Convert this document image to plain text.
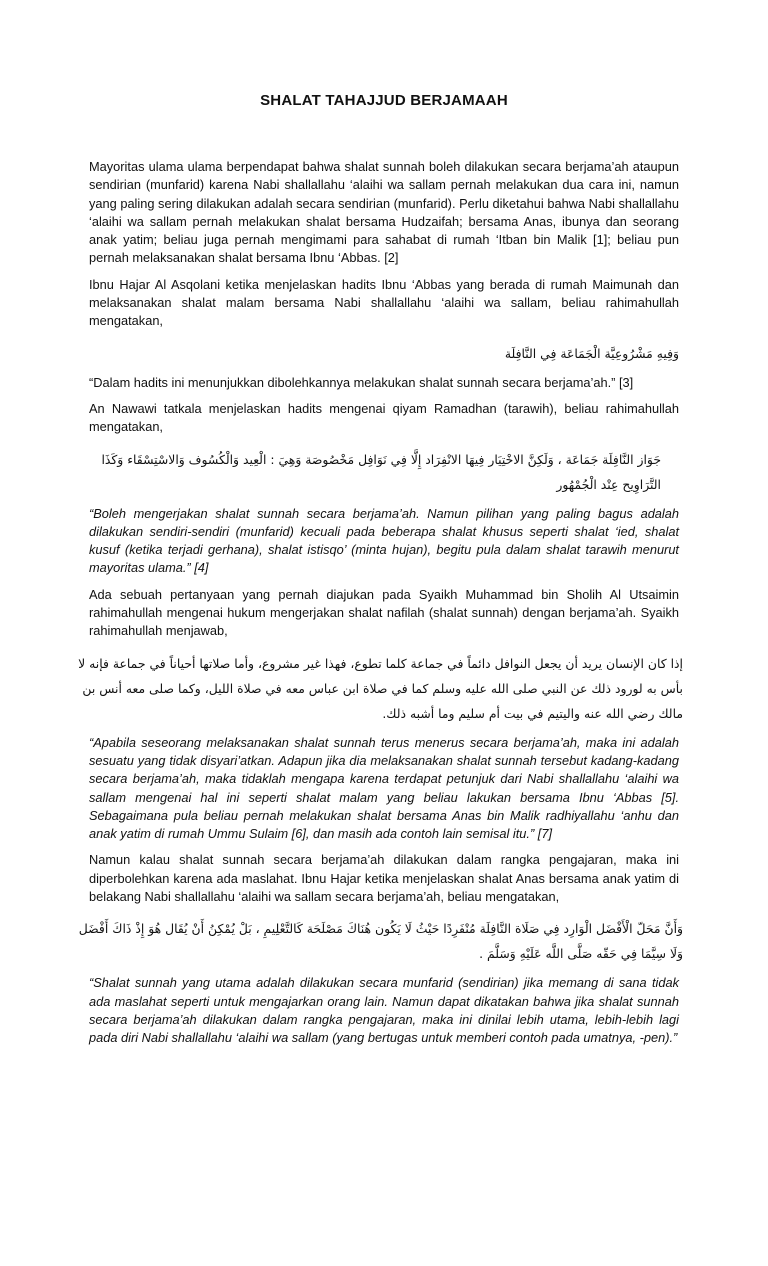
SHALAT TAHAJJUD BERJAMAAH

Mayoritas ulama ulama berpendapat bahwa shalat sunnah boleh dilakukan secara berjama’ah ataupun sendirian (munfarid) karena Nabi shallallahu ‘alaihi wa sallam pernah melakukan dua cara ini, namun yang paling sering dilakukan adalah secara sendirian (munfarid). Perlu diketahui bahwa Nabi shallallahu ‘alaihi wa sallam pernah melakukan shalat bersama Hudzaifah; bersama Anas, ibunya dan seorang anak yatim; beliau juga pernah mengimami para sahabat di rumah ‘Itban bin Malik [1]; beliau pun pernah melaksanakan shalat bersama Ibnu ‘Abbas. [2]

Ibnu Hajar Al Asqolani ketika menjelaskan hadits Ibnu ‘Abbas yang berada di rumah Maimunah dan melaksanakan shalat malam bersama Nabi shallallahu ‘alaihi wa sallam, beliau rahimahullah mengatakan,

وَفِيهِ مَشْرُوعِيَّة الْجَمَاعَة فِي النَّافِلَة

“Dalam hadits ini menunjukkan dibolehkannya melakukan shalat sunnah secara berjama’ah.” [3]

An Nawawi tatkala menjelaskan hadits mengenai qiyam Ramadhan (tarawih), beliau rahimahullah mengatakan,

جَوَاز النَّافِلَة جَمَاعَة ، وَلَكِنَّ الاخْتِيَار فِيهَا الانْفِرَاد إِلَّا فِي نَوَافِل مَخْصُوصَة وَهِيَ : الْعِيد وَالْكُسُوف وَالاسْتِسْقَاء وَكَذَا التَّرَاوِيح عِنْد الْجُمْهُور

“Boleh mengerjakan shalat sunnah secara berjama’ah. Namun pilihan yang paling bagus adalah dilakukan sendiri-sendiri (munfarid) kecuali pada beberapa shalat khusus seperti shalat ‘ied, shalat kusuf (ketika terjadi gerhana), shalat istisqo’ (minta hujan), begitu pula dalam shalat tarawih menurut mayoritas ulama.” [4]

Ada sebuah pertanyaan yang pernah diajukan pada Syaikh Muhammad bin Sholih Al Utsaimin rahimahullah mengenai hukum mengerjakan shalat nafilah (shalat sunnah) dengan berjama’ah. Syaikh rahimahullah menjawab,

إذا كان الإنسان يريد أن يجعل النوافل دائماً في جماعة كلما تطوع، فهذا غير مشروع، وأما صلاتها أحياناً في جماعة فإنه لا بأس به لورود ذلك عن النبي صلى الله عليه وسلم كما في صلاة ابن عباس معه في صلاة الليل، وكما صلى معه أنس بن مالك رضي الله عنه واليتيم في بيت أم سليم وما أشبه ذلك.

“Apabila seseorang melaksanakan shalat sunnah terus menerus secara berjama’ah, maka ini adalah sesuatu yang tidak disyari’atkan. Adapun jika dia melaksanakan shalat sunnah tersebut kadang-kadang secara berjama’ah, maka tidaklah mengapa karena terdapat petunjuk dari Nabi shallallahu ‘alaihi wa sallam mengenai hal ini seperti shalat malam yang beliau lakukan bersama Ibnu ‘Abbas [5]. Sebagaimana pula beliau pernah melakukan shalat bersama Anas bin Malik radhiyallahu ‘anhu dan anak yatim di rumah Ummu Sulaim [6], dan masih ada contoh lain semisal itu.” [7]

Namun kalau shalat sunnah secara berjama’ah dilakukan dalam rangka pengajaran, maka ini diperbolehkan karena ada maslahat. Ibnu Hajar ketika menjelaskan shalat Anas bersama anak yatim di belakang Nabi shallallahu ‘alaihi wa sallam secara berjama’ah, beliau mengatakan,

وَأَنَّ مَحَلّ الْأَفْضَل الْوَارِد فِي صَلَاة النَّافِلَة مُنْفَرِدًا حَيْثُ لَا يَكُون هُنَاكَ مَصْلَحَة كَالتَّعْلِيمِ ، بَلْ يُمْكِنُ أَنْ يُقَال هُوَ إِذْ ذَاكَ أَفْضَل وَلَا سِيَّمَا فِي حَقّه صَلَّى اللَّه عَلَيْهِ وَسَلَّمَ .

“Shalat sunnah yang utama adalah dilakukan secara munfarid (sendirian) jika memang di sana tidak ada maslahat seperti untuk mengajarkan orang lain. Namun dapat dikatakan bahwa jika shalat sunnah secara berjama’ah dilakukan dalam rangka pengajaran, maka ini dinilai lebih utama, lebih-lebih lagi pada diri Nabi shallallahu ‘alaihi wa sallam (yang bertugas untuk memberi contoh pada umatnya, -pen).”
